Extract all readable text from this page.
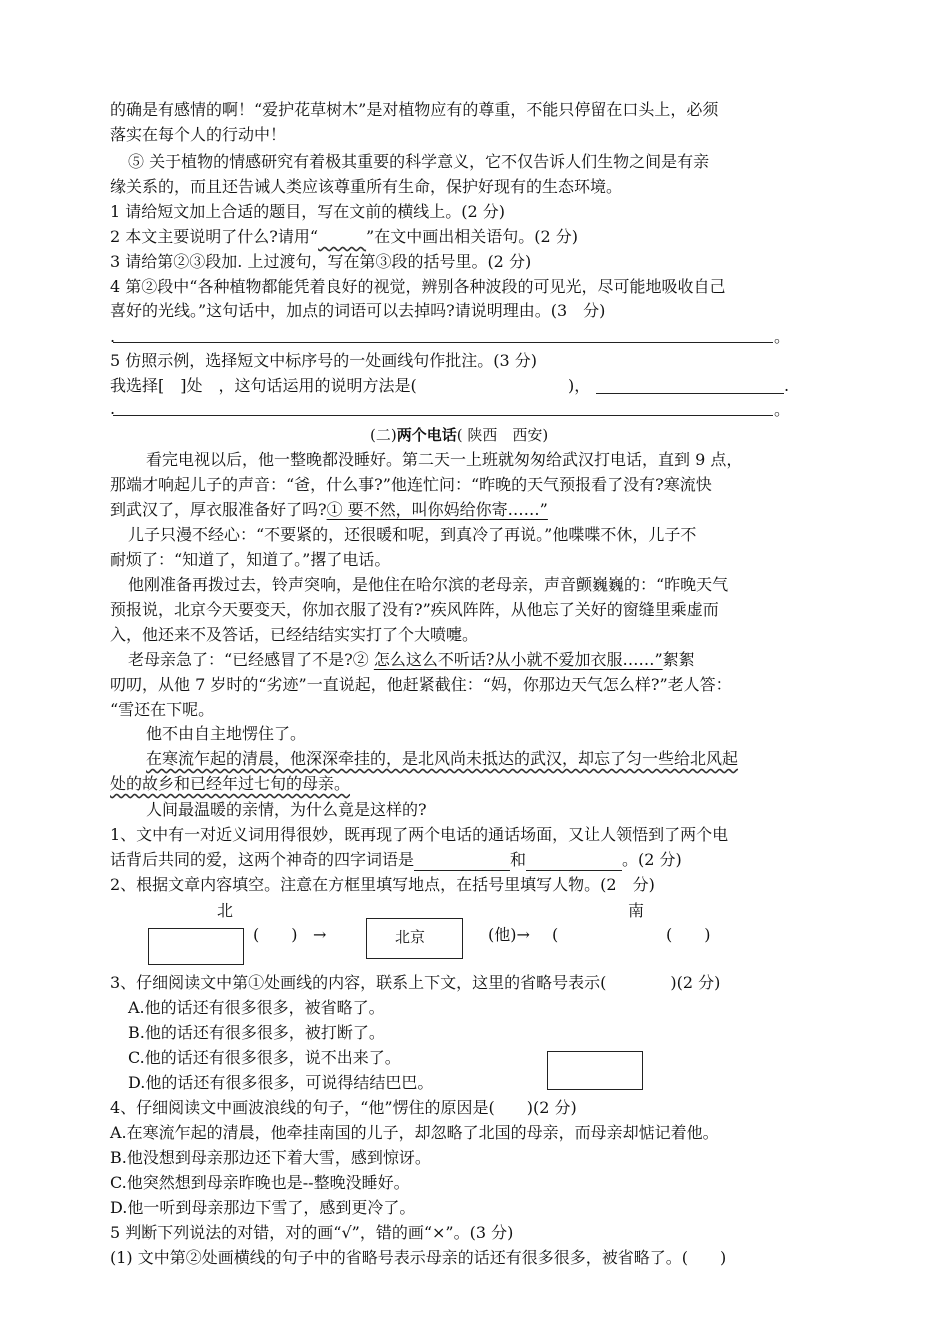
的确是有感情的啊！“爱护花草树木”是对植物应有的尊重，不能只停留在口头上，必须
落实在每个人的行动中！
⑤ 关于植物的情感研究有着极其重要的科学意义，它不仅告诉人们生物之间是有亲
缘关系的，而且还告诫人类应该尊重所有生命，保护好现有的生态环境。
1 请给短文加上合适的题目，写在文前的横线上。(2 分)
2 本文主要说明了什么?请用“　　　	”在文中画出相关语句。(2 分)
3 请给第②③段加. 上过渡句，写在第③段的括号里。(2 分)
4 第②段中“各种植物都能凭着良好的视觉，辨别各种波段的可见光，尽可能地吸收自己
喜好的光线。”这句话中，加点的词语可以去掉吗?请说明理由。(3　分)
.	。
5 仿照示例，选择短文中标序号的一处画线句作批注。(3 分)
我选择[　]处　，这句话运用的说明方法是(	)，	.
.	。
(二)两个电话( 陕西　西安)
看完电视以后，他一整晚都没睡好。第二天一上班就匆匆给武汉打电话，直到 9 点，
那端才响起儿子的声音：“爸，什么事?”他连忙问：“昨晚的天气预报看了没有?寒流快
到武汉了，厚衣服准备好了吗?① 要不然，叫你妈给你寄……”
儿子只漫不经心：“不要紧的，还很暖和呢，到真冷了再说。”他喋喋不休，儿子不
耐烦了：“知道了，知道了。”撂了电话。
他刚准备再拨过去，铃声突响，是他住在哈尔滨的老母亲，声音颤巍巍的：“昨晚天气
预报说，北京今天要变天，你加衣服了没有?”疾风阵阵，从他忘了关好的窗缝里乘虚而
入，他还来不及答话，已经结结实实打了个大喷嚏。
老母亲急了：“已经感冒了不是?② 怎么这么不听话?从小就不爱加衣服……”絮絮
叨叨，从他 7 岁时的“劣迹”一直说起，他赶紧截住：“妈，你那边天气怎么样?”老人答：
“雪还在下呢。
他不由自主地愣住了。
在寒流乍起的清晨，他深深牵挂的，是北风尚未抵达的武汉，却忘了匀一些给北风起
处的故乡和已经年过七旬的母亲。
人间最温暖的亲情，为什么竟是这样的?
1、文中有一对近义词用得很妙，既再现了两个电话的通话场面，又让人领悟到了两个电
话背后共同的爱，这两个神奇的四字词语是	和	。(2 分)
2、根据文章内容填空。注意在方框里填写地点，在括号里填写人物。(2　分)
北	南
(　　) →	北京	(他)→ (	(　　)
3、仔细阅读文中第①处画线的内容，联系上下文，这里的省略号表示(　　　　)(2 分)
A.他的话还有很多很多，被省略了。
B.他的话还有很多很多，被打断了。
C.他的话还有很多很多，说不出来了。
D.他的话还有很多很多，可说得结结巴巴。
4、仔细阅读文中画波浪线的句子，“他”愣住的原因是(　　)(2 分)
A.在寒流乍起的清晨，他牵挂南国的儿子，却忽略了北国的母亲，而母亲却惦记着他。
B.他没想到母亲那边还下着大雪，感到惊讶。
C.他突然想到母亲昨晚也是--整晚没睡好。
D.他一听到母亲那边下雪了，感到更冷了。
5 判断下列说法的对错，对的画“√”，错的画“×”。(3 分)
(1) 文中第②处画横线的句子中的省略号表示母亲的话还有很多很多，被省略了。(　　)
